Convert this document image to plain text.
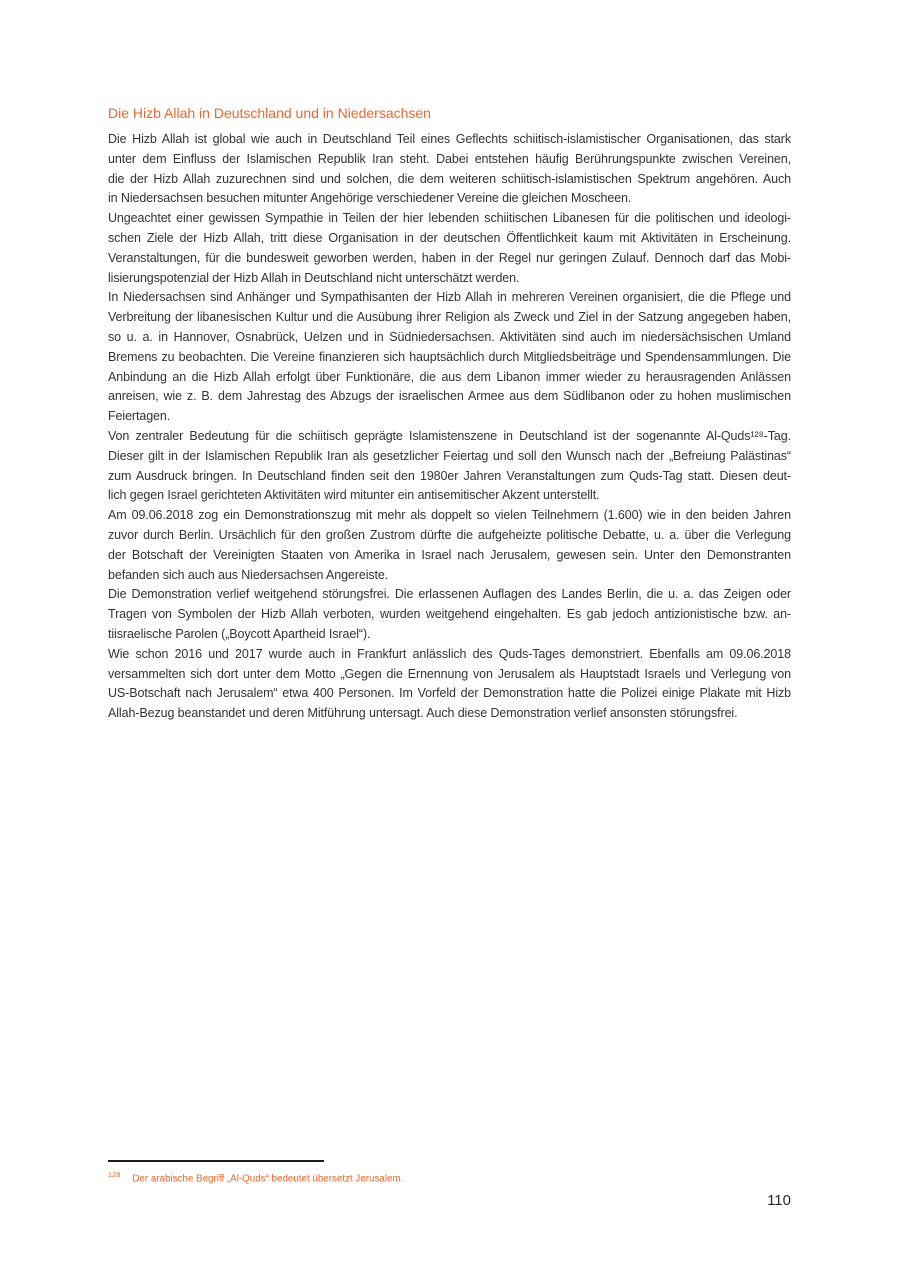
Die Hizb Allah in Deutschland und in Niedersachsen

Die Hizb Allah ist global wie auch in Deutschland Teil eines Geflechts schiitisch-islamistischer Organisationen, das stark
unter dem Einfluss der Islamischen Republik Iran steht. Dabei entstehen häufig Berührungspunkte zwischen Vereinen,
die der Hizb Allah zuzurechnen sind und solchen, die dem weiteren schiitisch-islamistischen Spektrum angehören. Auch
in Niedersachsen besuchen mitunter Angehörige verschiedener Vereine die gleichen Moscheen.

Ungeachtet einer gewissen Sympathie in Teilen der hier lebenden schiitischen Libanesen für die politischen und ideologi-
schen Ziele der Hizb Allah, tritt diese Organisation in der deutschen Öffentlichkeit kaum mit Aktivitäten in Erscheinung.
Veranstaltungen, für die bundesweit geworben werden, haben in der Regel nur geringen Zulauf. Dennoch darf das Mobi-
lisierungspotenzial der Hizb Allah in Deutschland nicht unterschätzt werden.

In Niedersachsen sind Anhänger und Sympathisanten der Hizb Allah in mehreren Vereinen organisiert, die die Pflege und
Verbreitung der libanesischen Kultur und die Ausübung ihrer Religion als Zweck und Ziel in der Satzung angegeben haben,
so u. a. in Hannover, Osnabrück, Uelzen und in Südniedersachsen. Aktivitäten sind auch im niedersächsischen Umland
Bremens zu beobachten. Die Vereine finanzieren sich hauptsächlich durch Mitgliedsbeiträge und Spendensammlungen. Die
Anbindung an die Hizb Allah erfolgt über Funktionäre, die aus dem Libanon immer wieder zu herausragenden Anlässen
anreisen, wie z. B. dem Jahrestag des Abzugs der israelischen Armee aus dem Südlibanon oder zu hohen muslimischen
Feiertagen.

Von zentraler Bedeutung für die schiitisch geprägte Islamistenszene in Deutschland ist der sogenannte Al-Quds¹²⁸-Tag.
Dieser gilt in der Islamischen Republik Iran als gesetzlicher Feiertag und soll den Wunsch nach der „Befreiung Palästinas“
zum Ausdruck bringen. In Deutschland finden seit den 1980er Jahren Veranstaltungen zum Quds-Tag statt. Diesen deut-
lich gegen Israel gerichteten Aktivitäten wird mitunter ein antisemitischer Akzent unterstellt.

Am 09.06.2018 zog ein Demonstrationszug mit mehr als doppelt so vielen Teilnehmern (1.600) wie in den beiden Jahren
zuvor durch Berlin. Ursächlich für den großen Zustrom dürfte die aufgeheizte politische Debatte, u. a. über die Verlegung
der Botschaft der Vereinigten Staaten von Amerika in Israel nach Jerusalem, gewesen sein. Unter den Demonstranten
befanden sich auch aus Niedersachsen Angereiste.

Die Demonstration verlief weitgehend störungsfrei. Die erlassenen Auflagen des Landes Berlin, die u. a. das Zeigen oder
Tragen von Symbolen der Hizb Allah verboten, wurden weitgehend eingehalten. Es gab jedoch antizionistische bzw. an-
tiisraelische Parolen („Boycott Apartheid Israel“).

Wie schon 2016 und 2017 wurde auch in Frankfurt anlässlich des Quds-Tages demonstriert. Ebenfalls am 09.06.2018
versammelten sich dort unter dem Motto „Gegen die Ernennung von Jerusalem als Hauptstadt Israels und Verlegung von
US-Botschaft nach Jerusalem“ etwa 400 Personen. Im Vorfeld der Demonstration hatte die Polizei einige Plakate mit Hizb
Allah-Bezug beanstandet und deren Mitführung untersagt. Auch diese Demonstration verlief ansonsten störungsfrei.

$^{128}$ Der arabische Begriff „Al-Quds“ bedeutet übersetzt Jerusalem.
110
